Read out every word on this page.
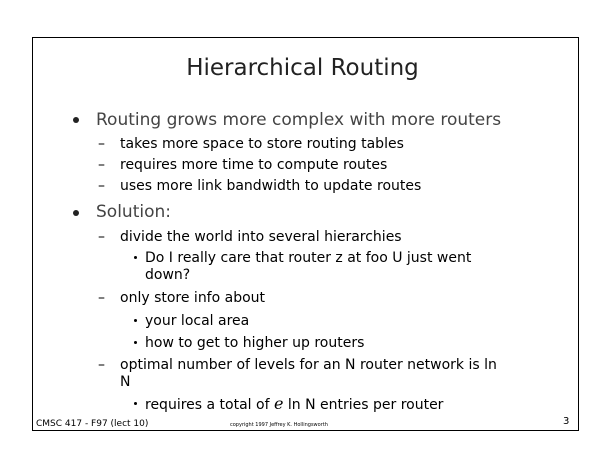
Hierarchical Routing
Routing grows more complex with more routers
– takes more space to store routing tables
– requires more time to compute routes
– uses more link bandwidth to update routes
Solution:
– divide the world into several hierarchies
Do I really care that router z at foo U just went
down?
– only store info about
your local area
how to get to higher up routers
– optimal number of levels for an N router network is ln
N
requires a total of e ln N entries per router
CMSC 417 - F97 (lect 10)	copyright 1997 Jeffrey K. Hollingsworth	3
